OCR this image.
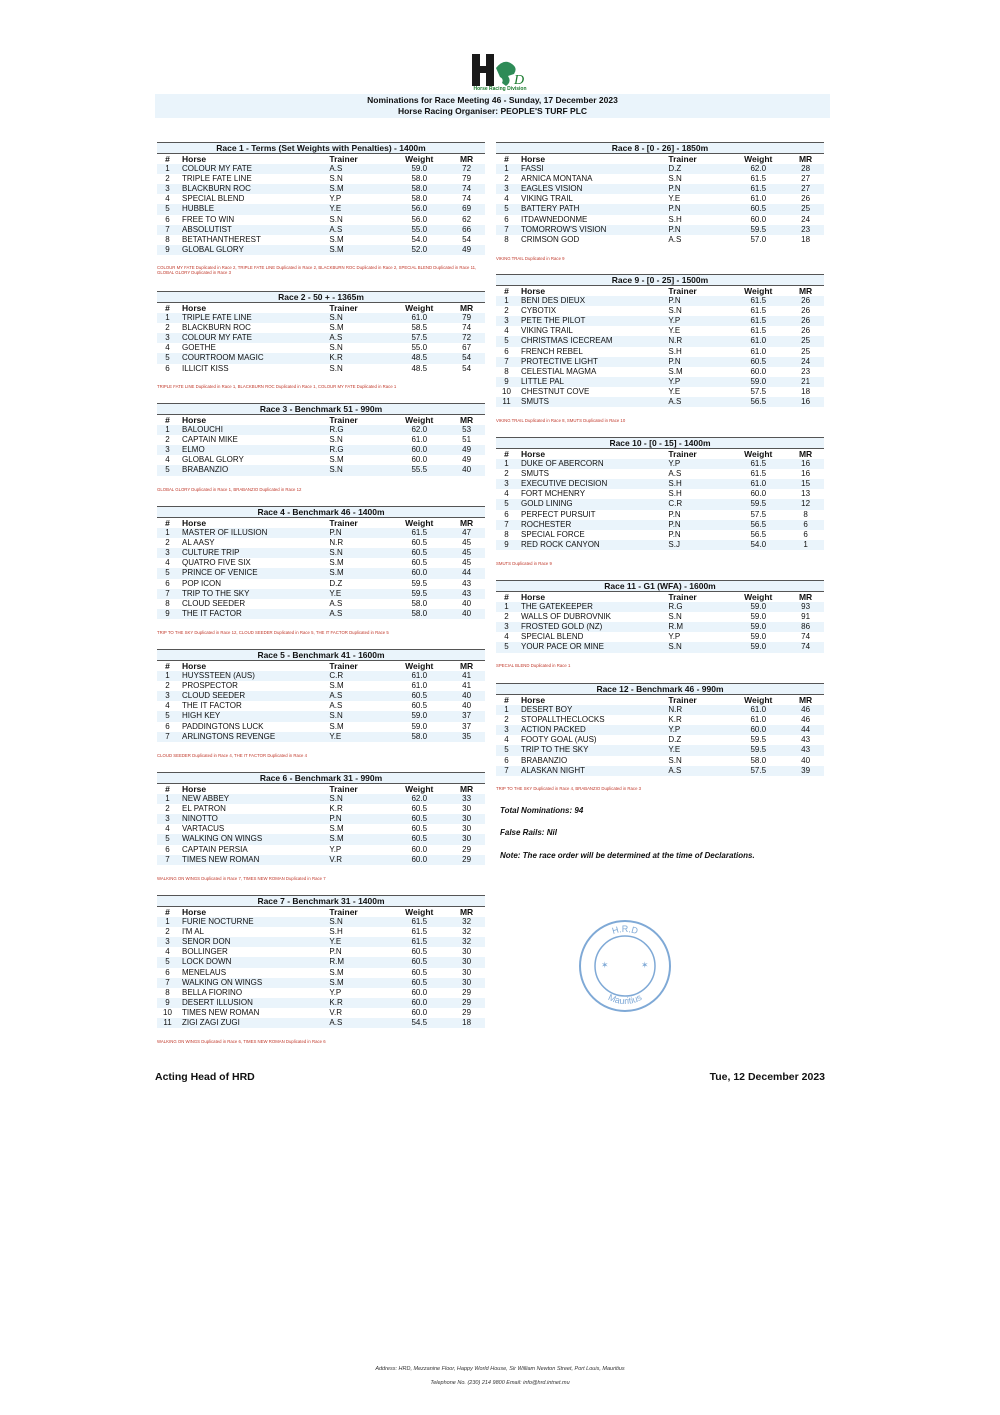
D
Horse Racing Division
Nominations for Race Meeting 46 - Sunday, 17 December 2023
Horse Racing Organiser: PEOPLE'S TURF PLC
Race 1 - Terms (Set Weights with Penalties) - 1400m
#	Horse	Trainer	Weight	MR
1	COLOUR MY FATE	A.S	59.0	72
2	TRIPLE FATE LINE	S.N	58.0	79
3	BLACKBURN ROC	S.M	58.0	74
4	SPECIAL BLEND	Y.P	58.0	74
5	HUBBLE	Y.E	56.0	69
6	FREE TO WIN	S.N	56.0	62
7	ABSOLUTIST	A.S	55.0	66
8	BETATHANTHEREST	S.M	54.0	54
9	GLOBAL GLORY	S.M	52.0	49
Race 2 - 50 + - 1365m
#	Horse	Trainer	Weight	MR
1	TRIPLE FATE LINE	S.N	61.0	79
2	BLACKBURN ROC	S.M	58.5	74
3	COLOUR MY FATE	A.S	57.5	72
4	GOETHE	S.N	55.0	67
5	COURTROOM MAGIC	K.R	48.5	54
6	ILLICIT KISS	S.N	48.5	54
Race 3 - Benchmark 51 - 990m
#	Horse	Trainer	Weight	MR
1	BALOUCHI	R.G	62.0	53
2	CAPTAIN MIKE	S.N	61.0	51
3	ELMO	R.G	60.0	49
4	GLOBAL GLORY	S.M	60.0	49
5	BRABANZIO	S.N	55.5	40
Race 4 - Benchmark 46 - 1400m
#	Horse	Trainer	Weight	MR
1	MASTER OF ILLUSION	P.N	61.5	47
2	AL AASY	N.R	60.5	45
3	CULTURE TRIP	S.N	60.5	45
4	QUATRO FIVE SIX	S.M	60.5	45
5	PRINCE OF VENICE	S.M	60.0	44
6	POP ICON	D.Z	59.5	43
7	TRIP TO THE SKY	Y.E	59.5	43
8	CLOUD SEEDER	A.S	58.0	40
9	THE IT FACTOR	A.S	58.0	40
Race 5 - Benchmark 41 - 1600m
#	Horse	Trainer	Weight	MR
1	HUYSSTEEN (AUS)	C.R	61.0	41
2	PROSPECTOR	S.M	61.0	41
3	CLOUD SEEDER	A.S	60.5	40
4	THE IT FACTOR	A.S	60.5	40
5	HIGH KEY	S.N	59.0	37
6	PADDINGTONS LUCK	S.M	59.0	37
7	ARLINGTONS REVENGE	Y.E	58.0	35
Race 6 - Benchmark 31 - 990m
#	Horse	Trainer	Weight	MR
1	NEW ABBEY	S.N	62.0	33
2	EL PATRON	K.R	60.5	30
3	NINOTTO	P.N	60.5	30
4	VARTACUS	S.M	60.5	30
5	WALKING ON WINGS	S.M	60.5	30
6	CAPTAIN PERSIA	Y.P	60.0	29
7	TIMES NEW ROMAN	V.R	60.0	29
Race 7 - Benchmark 31 - 1400m
#	Horse	Trainer	Weight	MR
1	FURIE NOCTURNE	S.N	61.5	32
2	I'M AL	S.H	61.5	32
3	SENOR DON	Y.E	61.5	32
4	BOLLINGER	P.N	60.5	30
5	LOCK DOWN	R.M	60.5	30
6	MENELAUS	S.M	60.5	30
7	WALKING ON WINGS	S.M	60.5	30
8	BELLA FIORINO	Y.P	60.0	29
9	DESERT ILLUSION	K.R	60.0	29
10	TIMES NEW ROMAN	V.R	60.0	29
11	ZIGI ZAGI ZUGI	A.S	54.5	18
Race 8 - [0 - 26] - 1850m
#	Horse	Trainer	Weight	MR
1	FASSI	D.Z	62.0	28
2	ARNICA MONTANA	S.N	61.5	27
3	EAGLES VISION	P.N	61.5	27
4	VIKING TRAIL	Y.E	61.0	26
5	BATTERY PATH	P.N	60.5	25
6	ITDAWNEDONME	S.H	60.0	24
7	TOMORROW'S VISION	P.N	59.5	23
8	CRIMSON GOD	A.S	57.0	18
Race 9 - [0 - 25] - 1500m
#	Horse	Trainer	Weight	MR
1	BENI DES DIEUX	P.N	61.5	26
2	CYBOTIX	S.N	61.5	26
3	PETE THE PILOT	Y.P	61.5	26
4	VIKING TRAIL	Y.E	61.5	26
5	CHRISTMAS ICECREAM	N.R	61.0	25
6	FRENCH REBEL	S.H	61.0	25
7	PROTECTIVE LIGHT	P.N	60.5	24
8	CELESTIAL MAGMA	S.M	60.0	23
9	LITTLE PAL	Y.P	59.0	21
10	CHESTNUT COVE	Y.E	57.5	18
11	SMUTS	A.S	56.5	16
Race 10 - [0 - 15] - 1400m
#	Horse	Trainer	Weight	MR
1	DUKE OF ABERCORN	Y.P	61.5	16
2	SMUTS	A.S	61.5	16
3	EXECUTIVE DECISION	S.H	61.0	15
4	FORT MCHENRY	S.H	60.0	13
5	GOLD LINING	C.R	59.5	12
6	PERFECT PURSUIT	P.N	57.5	8
7	ROCHESTER	P.N	56.5	6
8	SPECIAL FORCE	P.N	56.5	6
9	RED ROCK CANYON	S.J	54.0	1
Race 11 - G1 (WFA) - 1600m
#	Horse	Trainer	Weight	MR
1	THE GATEKEEPER	R.G	59.0	93
2	WALLS OF DUBROVNIK	S.N	59.0	91
3	FROSTED GOLD (NZ)	R.M	59.0	86
4	SPECIAL BLEND	Y.P	59.0	74
5	YOUR PACE OR MINE	S.N	59.0	74
Race 12 - Benchmark 46 - 990m
#	Horse	Trainer	Weight	MR
1	DESERT BOY	N.R	61.0	46
2	STOPALLTHECLOCKS	K.R	61.0	46
3	ACTION PACKED	Y.P	60.0	44
4	FOOTY GOAL (AUS)	D.Z	59.5	43
5	TRIP TO THE SKY	Y.E	59.5	43
6	BRABANZIO	S.N	58.0	40
7	ALASKAN NIGHT	A.S	57.5	39
COLOUR MY FATE Duplicated in Race 2, TRIPLE FATE LINE Duplicated in Race 2, BLACKBURN ROC Duplicated in Race 2, SPECIAL BLEND Duplicated in Race 11, GLOBAL GLORY Duplicated in Race 3
TRIPLE FATE LINE Duplicated in Race 1, BLACKBURN ROC Duplicated in Race 1, COLOUR MY FATE Duplicated in Race 1
GLOBAL GLORY Duplicated in Race 1, BRABANZIO Duplicated in Race 12
TRIP TO THE SKY Duplicated in Race 12, CLOUD SEEDER Duplicated in Race 5, THE IT FACTOR Duplicated in Race 5
CLOUD SEEDER Duplicated in Race 4, THE IT FACTOR Duplicated in Race 4
WALKING ON WINGS Duplicated in Race 7, TIMES NEW ROMAN Duplicated in Race 7
WALKING ON WINGS Duplicated in Race 6, TIMES NEW ROMAN Duplicated in Race 6
VIKING TRAIL Duplicated in Race 9
VIKING TRAIL Duplicated in Race 8, SMUTS Duplicated in Race 10
SMUTS Duplicated in Race 9
SPECIAL BLEND Duplicated in Race 1
TRIP TO THE SKY Duplicated in Race 4, BRABANZIO Duplicated in Race 3
Total Nominations: 94
False Rails: Nil
Note: The race order will be determined at the time of Declarations.
✶	✶
H.R.D
Mauritius
Acting Head of HRD	Tue, 12 December 2023
Address: HRD, Mezzanine Floor, Happy World House, Sir William Newton Street, Port Louis, Mauritius
Telephone No. (230) 214 9800 Email: info@hrd.intnet.mu
